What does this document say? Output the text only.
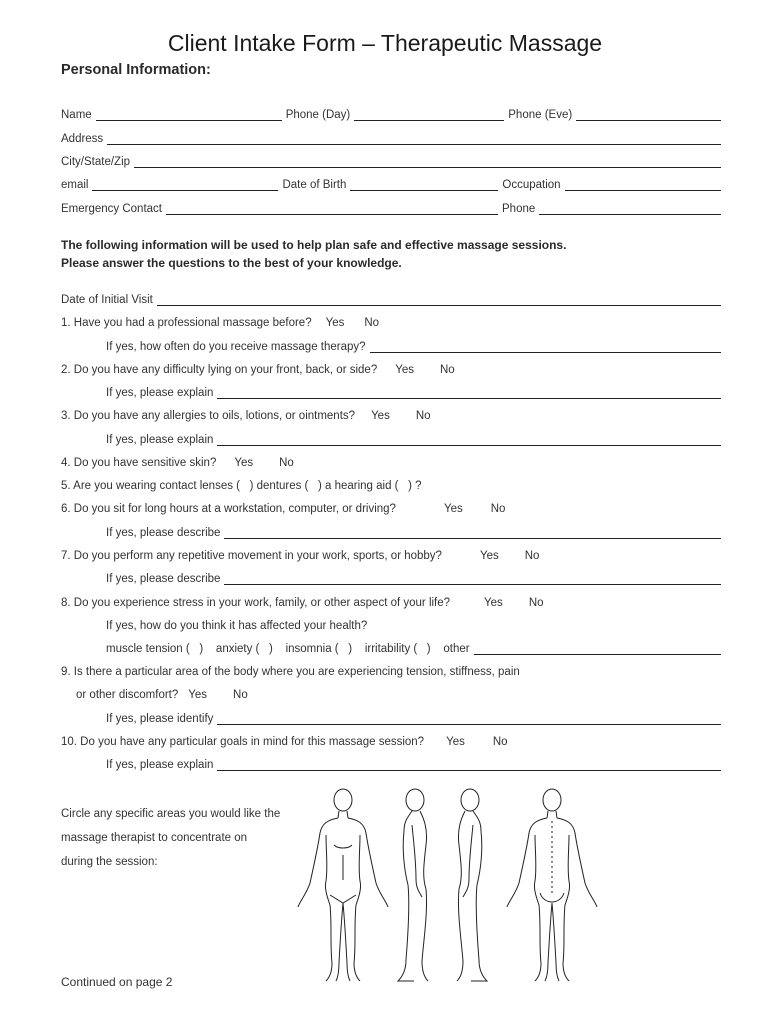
Client Intake Form – Therapeutic Massage
Personal Information:
Name	Phone (Day)	Phone (Eve)
Address
City/State/Zip
email	Date of Birth	Occupation
Emergency Contact	Phone
The following information will be used to help plan safe and effective massage sessions.
Please answer the questions to the best of your knowledge.
Date of Initial Visit
1. Have you had a professional massage before? Yes No
If yes, how often do you receive massage therapy?
2. Do you have any difficulty lying on your front, back, or side? Yes No
If yes, please explain
3. Do you have any allergies to oils, lotions, or ointments? Yes No
If yes, please explain
4. Do you have sensitive skin? Yes No
5. Are you wearing contact lenses (   ) dentures (   ) a hearing aid (   ) ?
6. Do you sit for long hours at a workstation, computer, or driving?	Yes No
If yes, please describe
7. Do you perform any repetitive movement in your work, sports, or hobby?	Yes No
If yes, please describe
8. Do you experience stress in your work, family, or other aspect of your life?	Yes No
If yes, how do you think it has affected your health?
muscle tension (   )    anxiety (   )    insomnia (   )    irritability (   )    other
9. Is there a particular area of the body where you are experiencing tension, stiffness, pain
or other discomfort? Yes No
If yes, please identify
10. Do you have any particular goals in mind for this massage session? Yes No
If yes, please explain
Circle any specific areas you would like the
massage therapist to concentrate on
during the session:
Continued on page 2
